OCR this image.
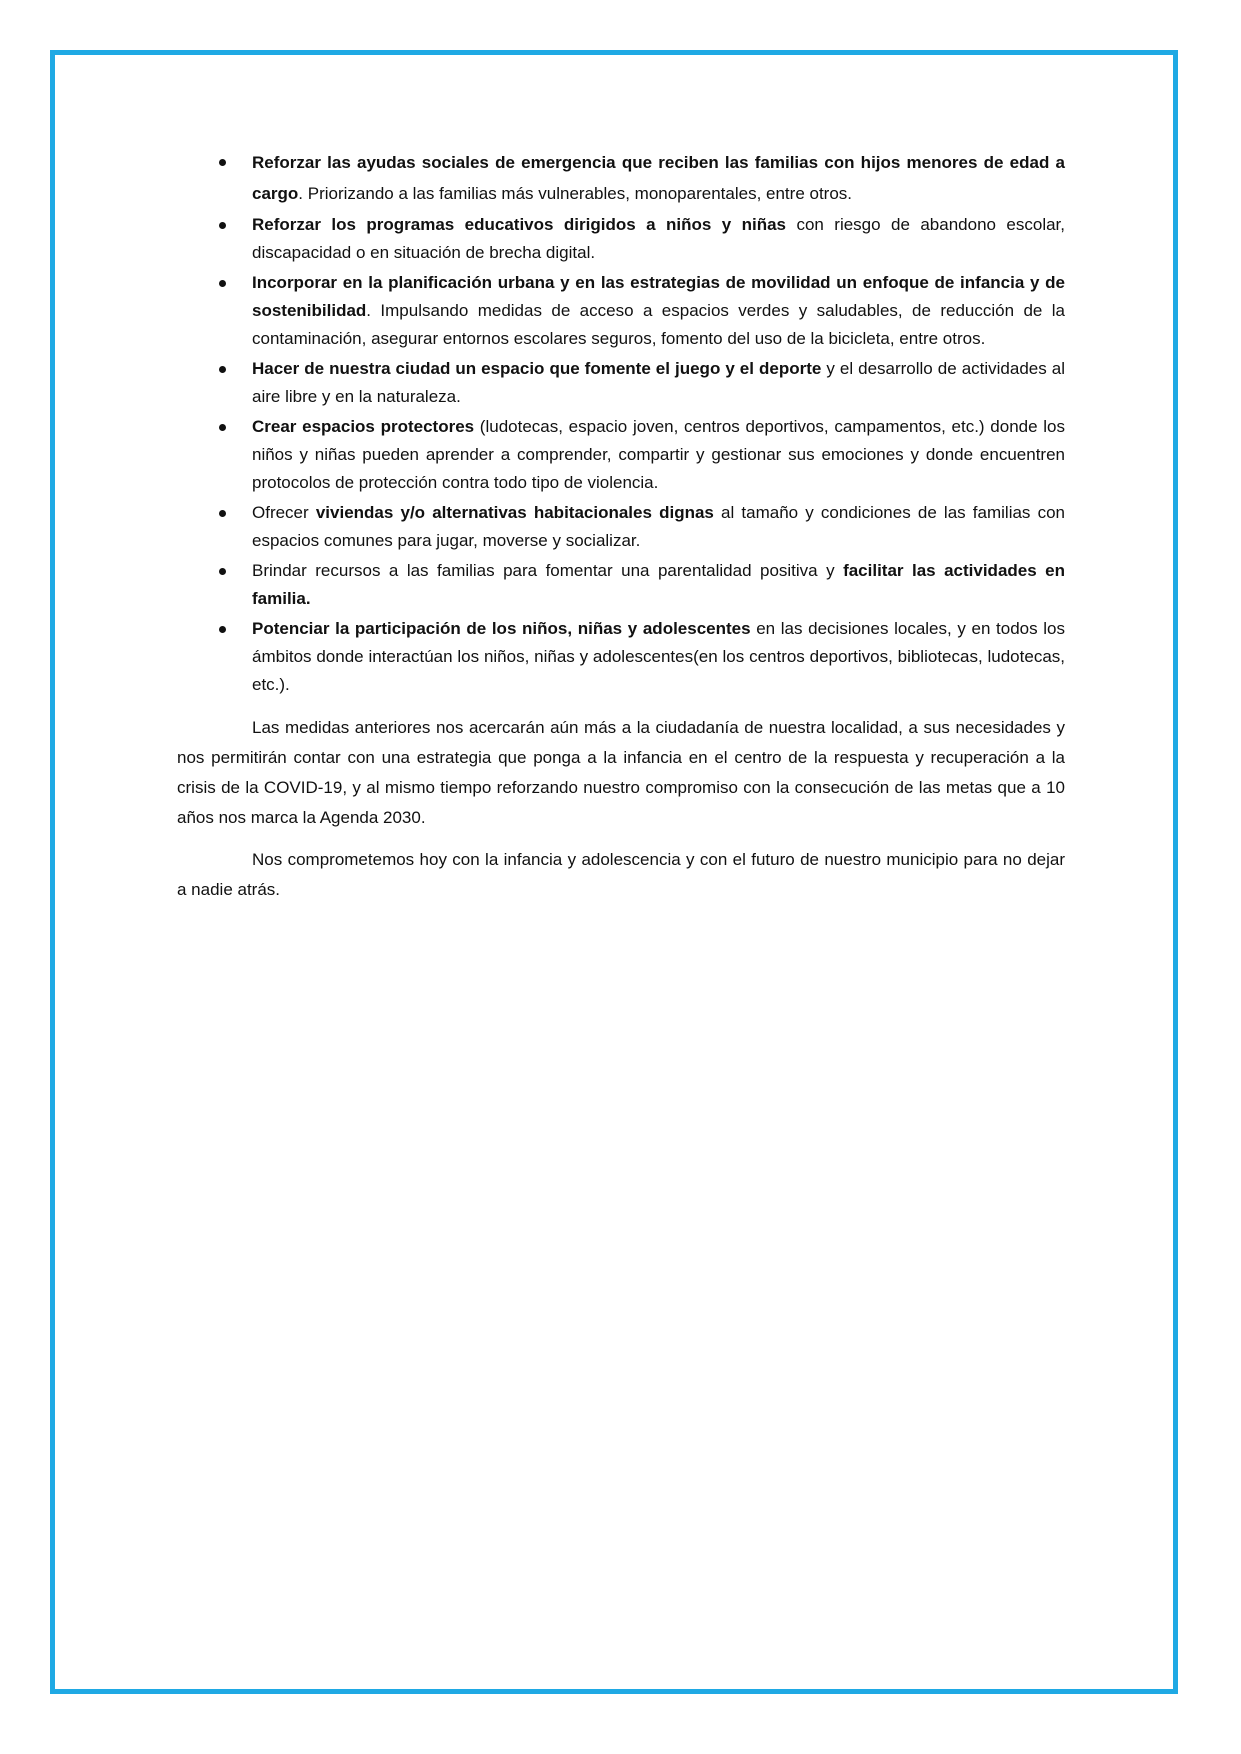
Reforzar las ayudas sociales de emergencia que reciben las familias con hijos menores de edad a cargo. Priorizando a las familias más vulnerables, monoparentales, entre otros.
Reforzar los programas educativos dirigidos a niños y niñas con riesgo de abandono escolar, discapacidad o en situación de brecha digital.
Incorporar en la planificación urbana y en las estrategias de movilidad un enfoque de infancia y de sostenibilidad. Impulsando medidas de acceso a espacios verdes y saludables, de reducción de la contaminación, asegurar entornos escolares seguros, fomento del uso de la bicicleta, entre otros.
Hacer de nuestra ciudad un espacio que fomente el juego y el deporte y el desarrollo de actividades al aire libre y en la naturaleza.
Crear espacios protectores (ludotecas, espacio joven, centros deportivos, campamentos, etc.) donde los niños y niñas pueden aprender a comprender, compartir y gestionar sus emociones y donde encuentren protocolos de protección contra todo tipo de violencia.
Ofrecer viviendas y/o alternativas habitacionales dignas al tamaño y condiciones de las familias con espacios comunes para jugar, moverse y socializar.
Brindar recursos a las familias para fomentar una parentalidad positiva y facilitar las actividades en familia.
Potenciar la participación de los niños, niñas y adolescentes en las decisiones locales, y en todos los ámbitos donde interactúan los niños, niñas y adolescentes(en los centros deportivos, bibliotecas, ludotecas, etc.).

Las medidas anteriores nos acercarán aún más a la ciudadanía de nuestra localidad, a sus necesidades y nos permitirán contar con una estrategia que ponga a la infancia en el centro de la respuesta y recuperación a la crisis de la COVID-19, y al mismo tiempo reforzando nuestro compromiso con la consecución de las metas que a 10 años nos marca la Agenda 2030.

Nos comprometemos hoy con la infancia y adolescencia y con el futuro de nuestro municipio para no dejar a nadie atrás.
